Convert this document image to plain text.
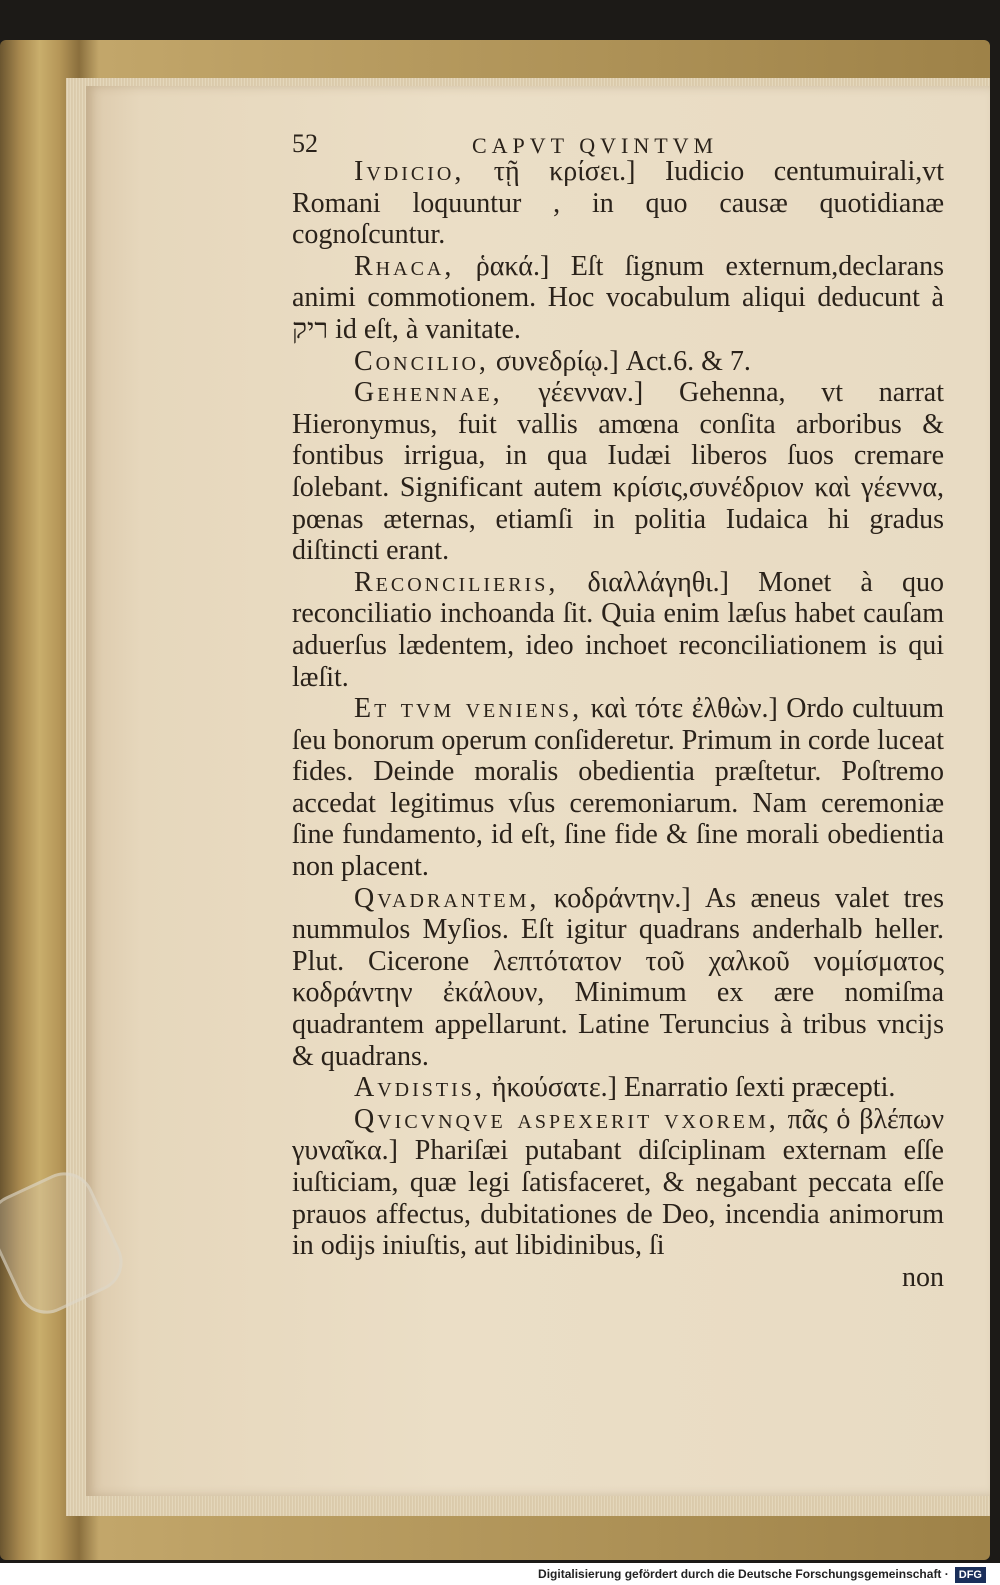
52	CAPVT QVINTVM
Ivdicio, τῇ κρίσει.] Iudicio centumuirali,vt Romani loquuntur , in quo causæ quotidianæ cognoſcuntur.
Rhaca, ῥακά.] Eſt ſignum externum,declarans animi commotionem. Hoc vocabulum aliqui deducunt à ריק id eſt, à vanitate.
Concilio, συνεδρίῳ.] Act.6. & 7.
Gehennae, γέενναν.] Gehenna, vt narrat Hieronymus, fuit vallis amœna conſita arboribus & fontibus irrigua, in qua Iudæi liberos ſuos cremare ſolebant. Significant autem κρίσις,συνέδριον καὶ γέεννα, pœnas æternas, etiamſi in politia Iudaica hi gradus diſtincti erant.
Reconcilieris, διαλλάγηθι.] Monet à quo reconciliatio inchoanda ſit. Quia enim læſus habet cauſam aduerſus lædentem, ideo inchoet reconciliationem is qui læſit.
Et tvm veniens, καὶ τότε ἐλθὼν.] Ordo cultuum ſeu bonorum operum conſideretur. Primum in corde luceat fides. Deinde moralis obedientia præſtetur. Poſtremo accedat legitimus vſus ceremoniarum. Nam ceremoniæ ſine fundamento, id eſt, ſine fide & ſine morali obedientia non placent.
Qvadrantem, κοδράντην.] As æneus valet tres nummulos Myſios. Eſt igitur quadrans anderhalb heller. Plut. Cicerone λεπτότατον τοῦ χαλκοῦ νομίσματος κοδράντην ἐκάλουν, Minimum ex ære nomiſma quadrantem appellarunt. Latine Teruncius à tribus vncijs & quadrans.
Avdistis, ἠκούσατε.] Enarratio ſexti præcepti.
Qvicvnqve aspexerit vxorem, πᾶς ὁ βλέπων γυναῖκα.] Phariſæi putabant diſciplinam externam eſſe iuſticiam, quæ legi ſatisfaceret, & negabant peccata eſſe prauos affectus, dubitationes de Deo, incendia animorum in odijs iniuſtis, aut libidinibus, ſi
non
Digitalisierung gefördert durch die Deutsche Forschungsgemeinschaft · DFG
